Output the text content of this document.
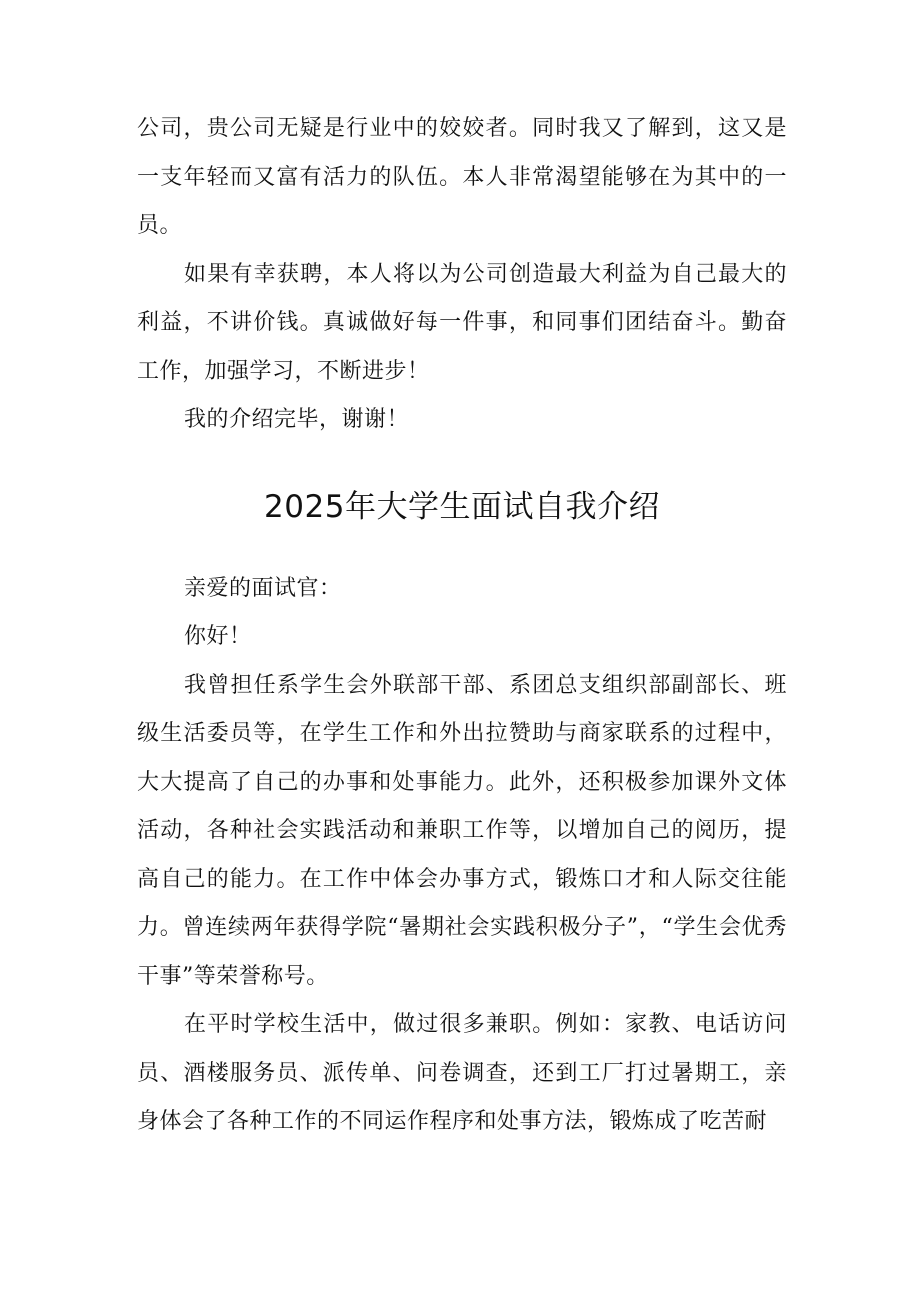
公司，贵公司无疑是行业中的姣姣者。同时我又了解到，这又是一支年轻而又富有活力的队伍。本人非常渴望能够在为其中的一员。

如果有幸获聘，本人将以为公司创造最大利益为自己最大的利益，不讲价钱。真诚做好每一件事，和同事们团结奋斗。勤奋工作，加强学习，不断进步！

我的介绍完毕，谢谢！

2025年大学生面试自我介绍

亲爱的面试官：

你好！

我曾担任系学生会外联部干部、系团总支组织部副部长、班级生活委员等，在学生工作和外出拉赞助与商家联系的过程中，大大提高了自己的办事和处事能力。此外，还积极参加课外文体活动，各种社会实践活动和兼职工作等，以增加自己的阅历，提高自己的能力。在工作中体会办事方式，锻炼口才和人际交往能力。曾连续两年获得学院“暑期社会实践积极分子”，“学生会优秀干事”等荣誉称号。

在平时学校生活中，做过很多兼职。例如：家教、电话访问员、酒楼服务员、派传单、问卷调查，还到工厂打过暑期工，亲身体会了各种工作的不同运作程序和处事方法，锻炼成了吃苦耐
